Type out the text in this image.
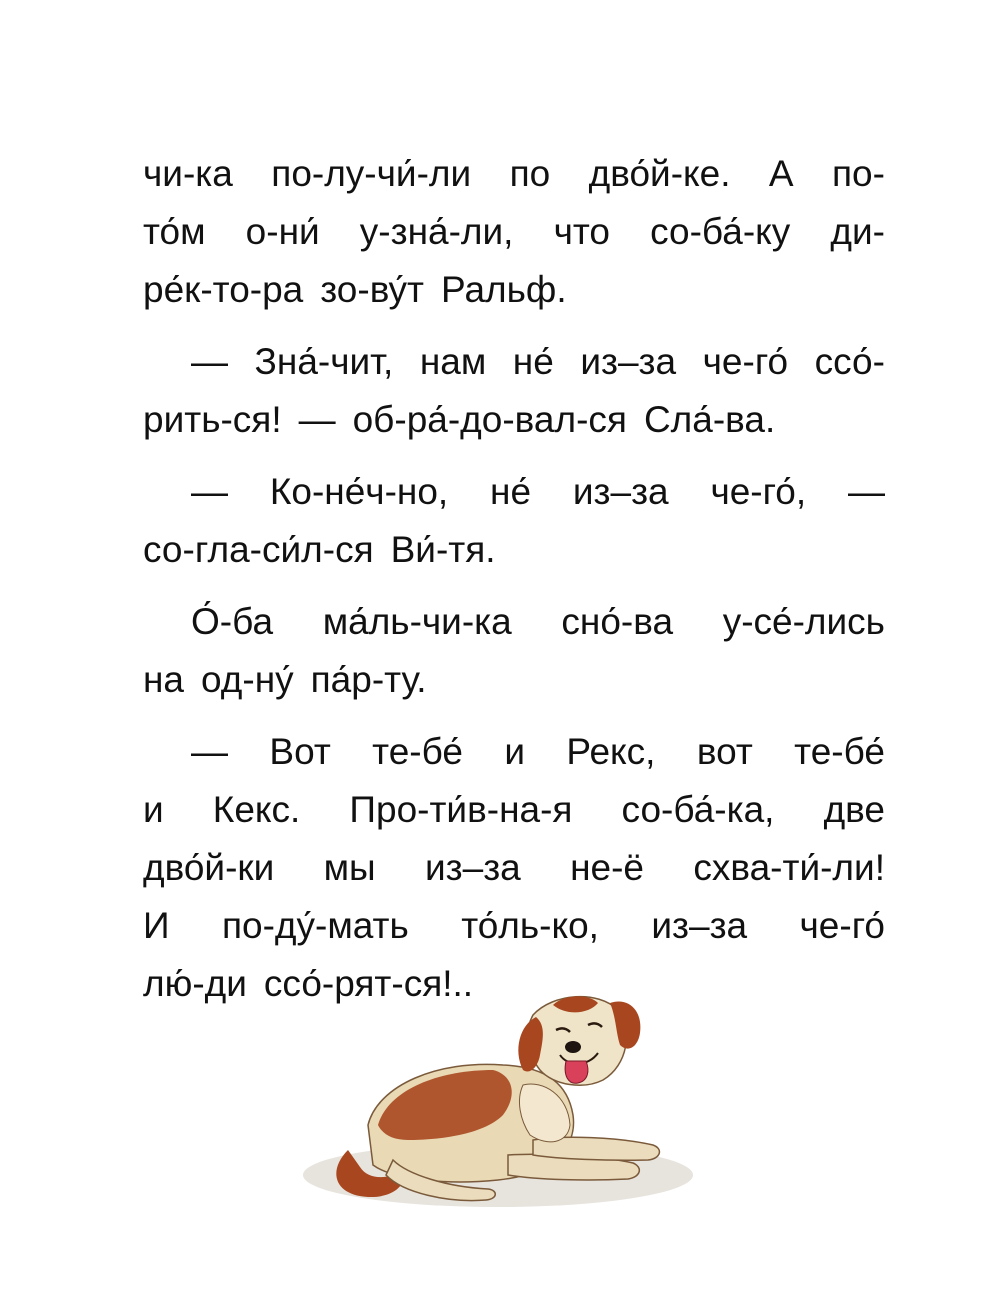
чи-ка по-лу-чи́-ли по дво́й-ке. А по-
то́м о-ни́ у-зна́-ли, что со-ба́-ку ди-
ре́к-то-ра зо-ву́т Ральф.
— Зна́-чит, нам не́ из–за че-го́ ссо́-
рить-ся! — об-ра́-до-вал-ся Сла́-ва.
— Ко-не́ч-но, не́ из–за че-го́, —
со-гла-си́л-ся Ви́-тя.
О́-ба ма́ль-чи-ка сно́-ва у-се́-лись
на од-ну́ па́р-ту.
— Вот те-бе́ и Рекс, вот те-бе́
и Кекс. Про-ти́в-на-я со-ба́-ка, две
дво́й-ки мы из–за не-ё схва-ти́-ли!
И по-ду́-мать то́ль-ко, из–за че-го́
лю́-ди ссо́-рят-ся!..
